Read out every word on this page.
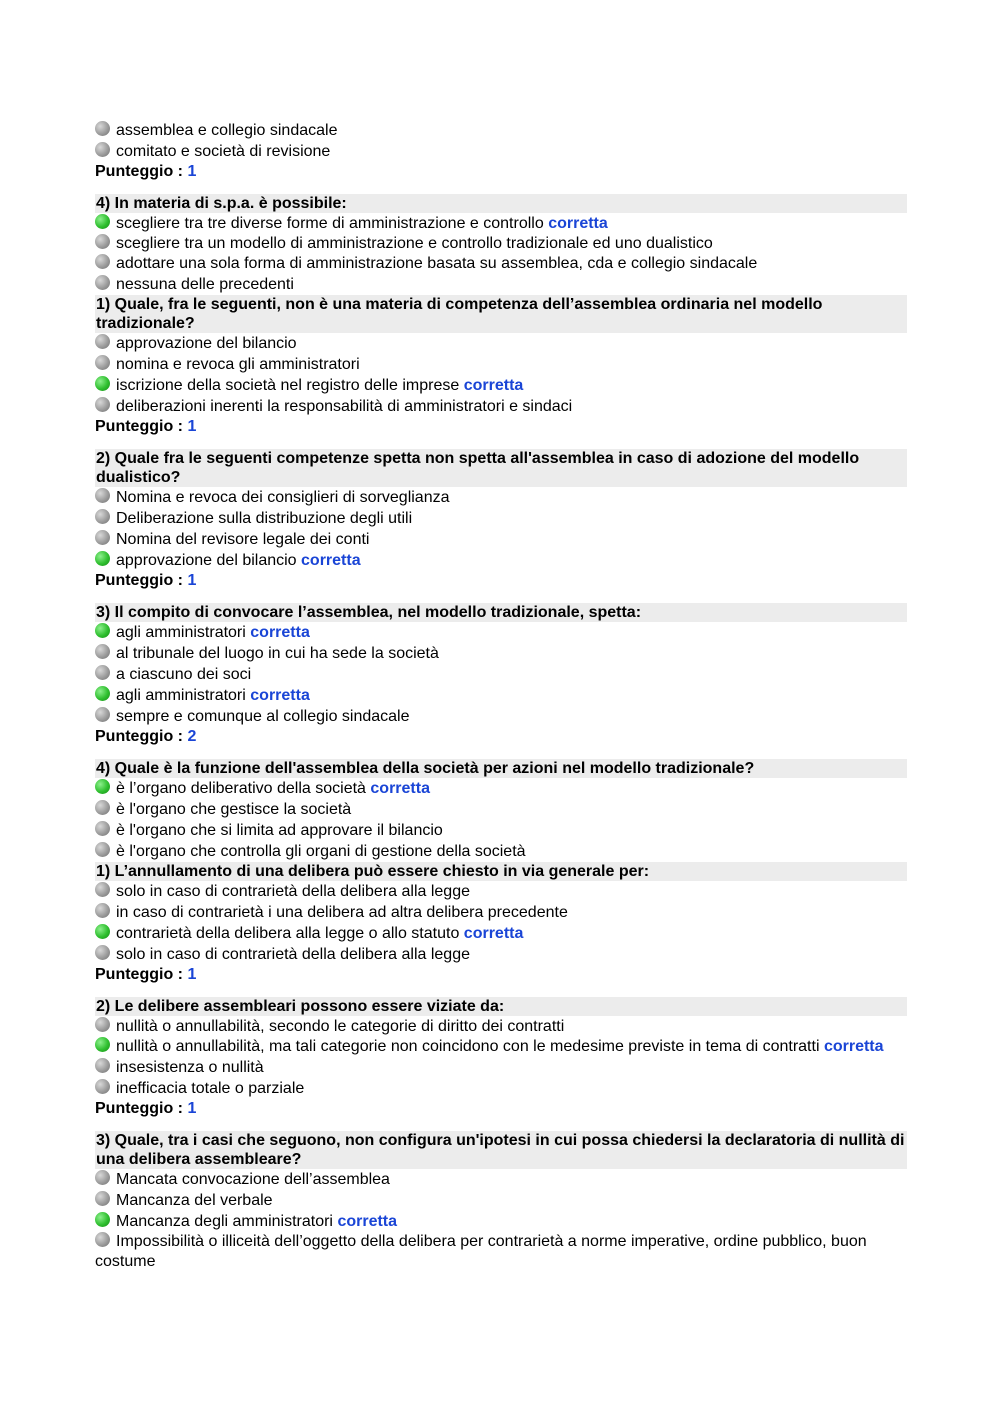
assemblea e collegio sindacale
comitato e società di revisione
Punteggio : 1
4) In materia di s.p.a. è possibile:
scegliere tra tre diverse forme di amministrazione e controllo corretta
scegliere tra un modello di amministrazione e controllo tradizionale ed uno dualistico
adottare una sola forma di amministrazione basata su assemblea, cda e collegio sindacale
nessuna delle precedenti
1) Quale, fra le seguenti, non è una materia di competenza dell’assemblea ordinaria nel modello tradizionale?
approvazione del bilancio
nomina e revoca gli amministratori
iscrizione della società nel registro delle imprese corretta
deliberazioni inerenti la responsabilità di amministratori e sindaci
Punteggio : 1
2) Quale fra le seguenti competenze spetta non spetta all'assemblea in caso di adozione del modello dualistico?
Nomina e revoca dei consiglieri di sorveglianza
Deliberazione sulla distribuzione degli utili
Nomina del revisore legale dei conti
approvazione del bilancio corretta
Punteggio : 1
3) Il compito di convocare l’assemblea, nel modello tradizionale, spetta:
agli amministratori corretta
al tribunale del luogo in cui ha sede la società
a ciascuno dei soci
agli amministratori corretta
sempre e comunque al collegio sindacale
Punteggio : 2
4) Quale è la funzione dell'assemblea della società per azioni nel modello tradizionale?
è l’organo deliberativo della società corretta
è l'organo che gestisce la società
è l'organo che si limita ad approvare il bilancio
è l'organo che controlla gli organi di gestione della società
1) L’annullamento di una delibera può essere chiesto in via generale per:
solo in caso di contrarietà della delibera alla legge
in caso di contrarietà i una delibera ad altra delibera precedente
contrarietà della delibera alla legge o allo statuto corretta
solo in caso di contrarietà della delibera alla legge
Punteggio : 1
2) Le delibere assembleari possono essere viziate da:
nullità o annullabilità, secondo le categorie di diritto dei contratti
nullità o annullabilità, ma tali categorie non coincidono con le medesime previste in tema di contratti corretta
insesistenza o nullità
inefficacia totale o parziale
Punteggio : 1
3) Quale, tra i casi che seguono, non configura un'ipotesi in cui possa chiedersi la declaratoria di nullità di una delibera assembleare?
Mancata convocazione dell’assemblea
Mancanza del verbale
Mancanza degli amministratori corretta
Impossibilità o illiceità dell’oggetto della delibera per contrarietà a norme imperative, ordine pubblico, buon costume
